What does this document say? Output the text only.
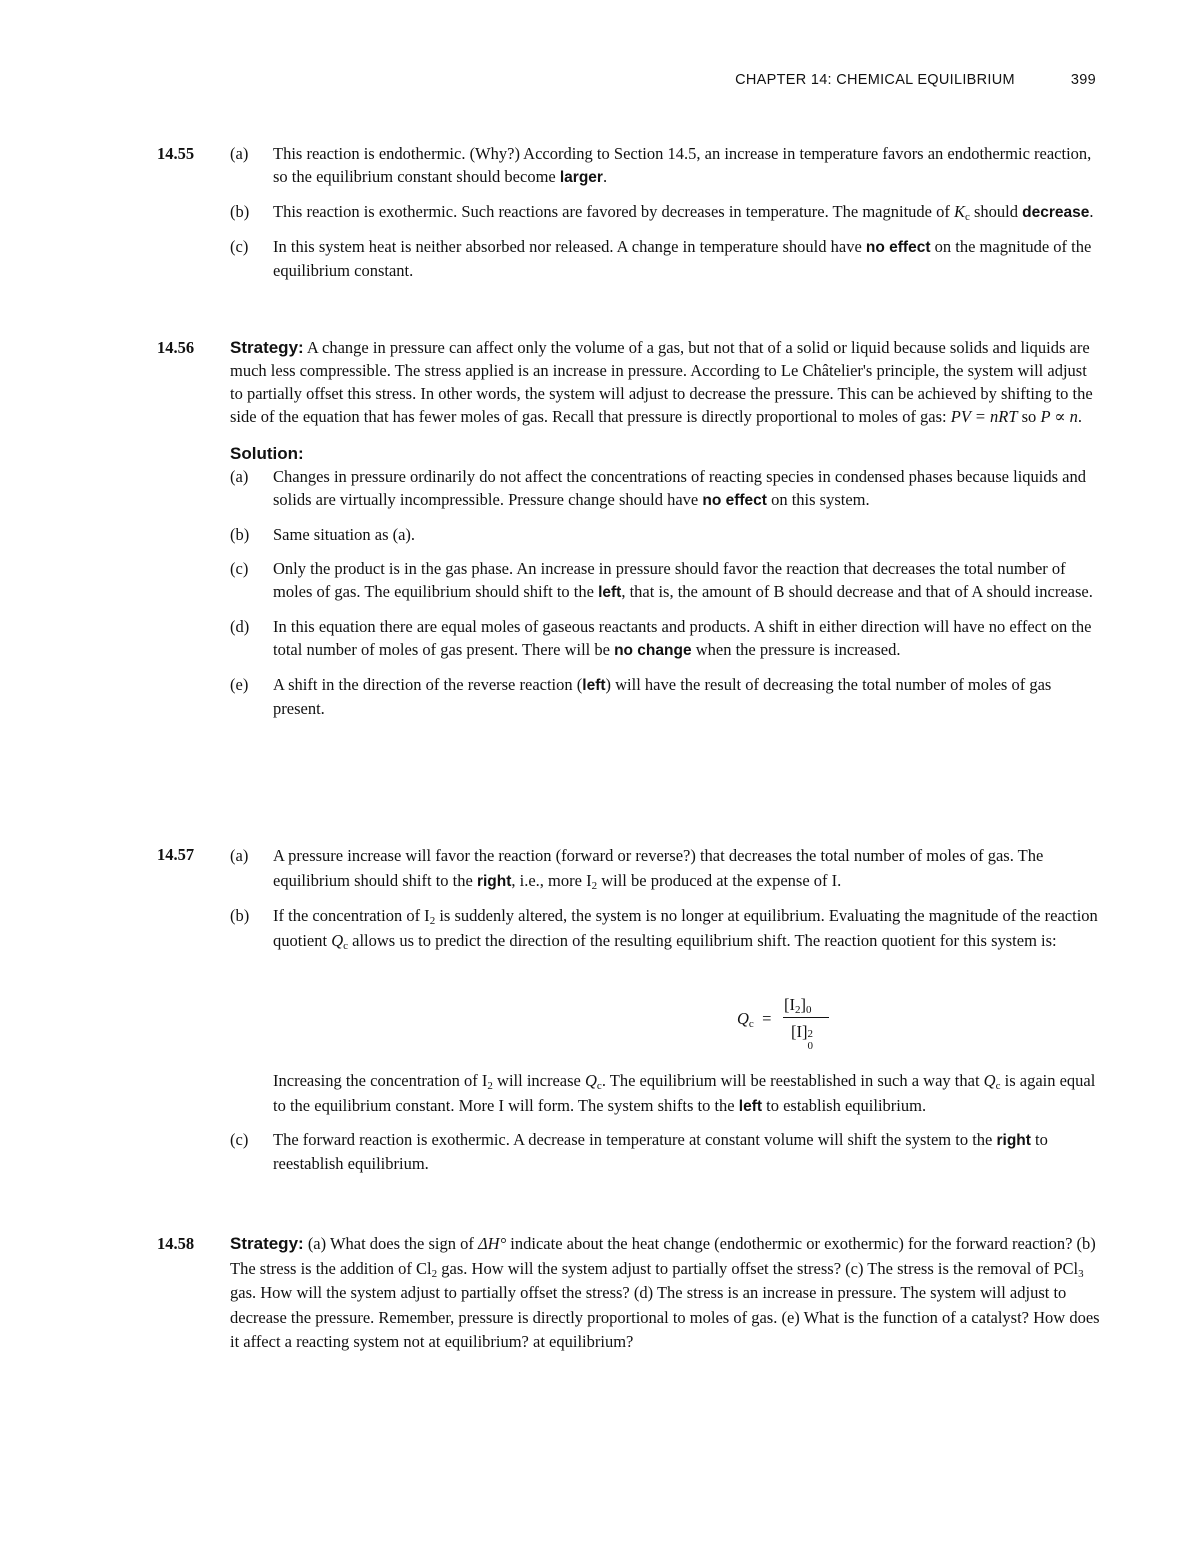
CHAPTER 14: CHEMICAL EQUILIBRIUM	399
14.55 (a) This reaction is endothermic. (Why?) According to Section 14.5, an increase in temperature favors an endothermic reaction, so the equilibrium constant should become larger.
(b) This reaction is exothermic. Such reactions are favored by decreases in temperature. The magnitude of $K_c$ should decrease.
(c) In this system heat is neither absorbed nor released. A change in temperature should have no effect on the magnitude of the equilibrium constant.
14.56 Strategy: A change in pressure can affect only the volume of a gas, but not that of a solid or liquid because solids and liquids are much less compressible. The stress applied is an increase in pressure. According to Le Châtelier's principle, the system will adjust to partially offset this stress. In other words, the system will adjust to decrease the pressure. This can be achieved by shifting to the side of the equation that has fewer moles of gas. Recall that pressure is directly proportional to moles of gas: PV = nRT so P ∝ n.
Solution:
(a) Changes in pressure ordinarily do not affect the concentrations of reacting species in condensed phases because liquids and solids are virtually incompressible. Pressure change should have no effect on this system.
(b) Same situation as (a).
(c) Only the product is in the gas phase. An increase in pressure should favor the reaction that decreases the total number of moles of gas. The equilibrium should shift to the left, that is, the amount of B should decrease and that of A should increase.
(d) In this equation there are equal moles of gaseous reactants and products. A shift in either direction will have no effect on the total number of moles of gas present. There will be no change when the pressure is increased.
(e) A shift in the direction of the reverse reaction (left) will have the result of decreasing the total number of moles of gas present.
14.57 (a) A pressure increase will favor the reaction (forward or reverse?) that decreases the total number of moles of gas. The equilibrium should shift to the right, i.e., more $I_2$ will be produced at the expense of I.
(b) If the concentration of $I_2$ is suddenly altered, the system is no longer at equilibrium. Evaluating the magnitude of the reaction quotient $Q_c$ allows us to predict the direction of the resulting equilibrium shift. The reaction quotient for this system is:
$Q_c$ =
$[I_2]_0$
[I] 2
0
Increasing the concentration of $I_2$ will increase $Q_c$. The equilibrium will be reestablished in such a way that $Q_c$ is again equal to the equilibrium constant. More I will form. The system shifts to the left to establish equilibrium.
(c) The forward reaction is exothermic. A decrease in temperature at constant volume will shift the system to the right to reestablish equilibrium.
14.58 Strategy: (a) What does the sign of ΔH° indicate about the heat change (endothermic or exothermic) for the forward reaction? (b) The stress is the addition of $Cl_2$ gas. How will the system adjust to partially offset the stress? (c) The stress is the removal of PCl$_3$ gas. How will the system adjust to partially offset the stress? (d) The stress is an increase in pressure. The system will adjust to decrease the pressure. Remember, pressure is directly proportional to moles of gas. (e) What is the function of a catalyst? How does it affect a reacting system not at equilibrium? at equilibrium?
